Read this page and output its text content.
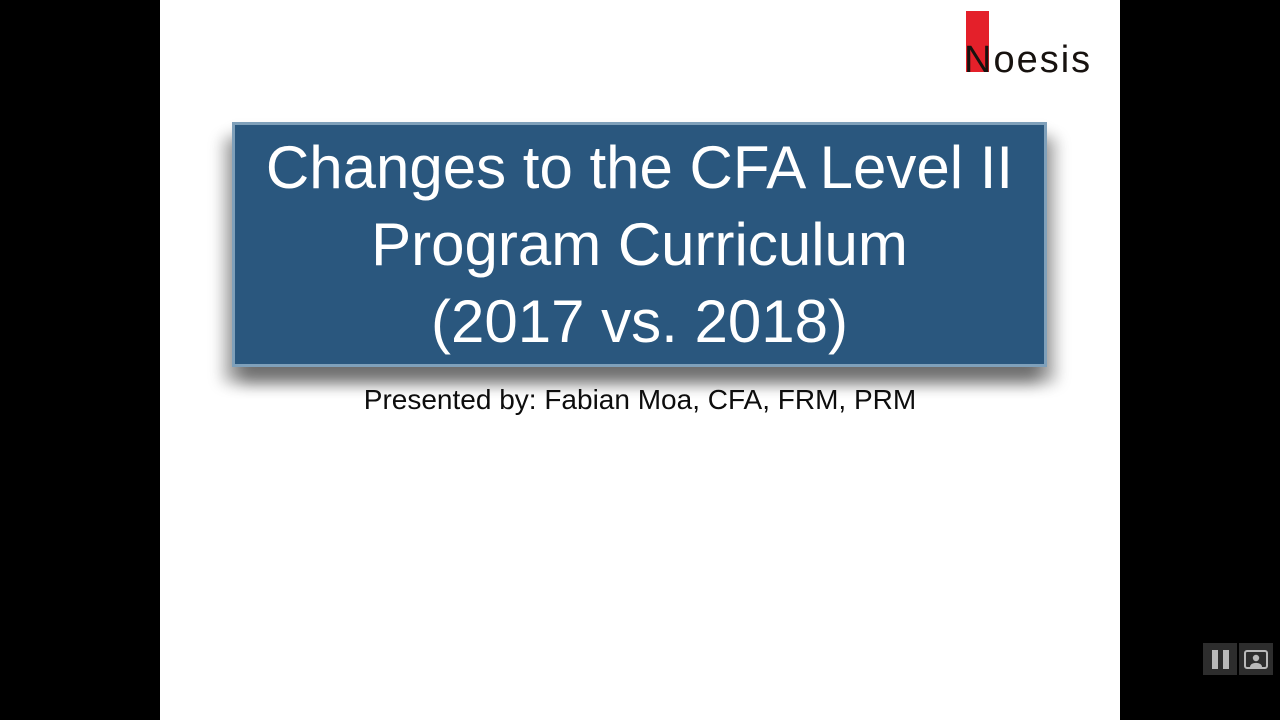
Noesis
Changes to the CFA Level II
Program Curriculum
(2017 vs. 2018)
Presented by: Fabian Moa, CFA, FRM, PRM
